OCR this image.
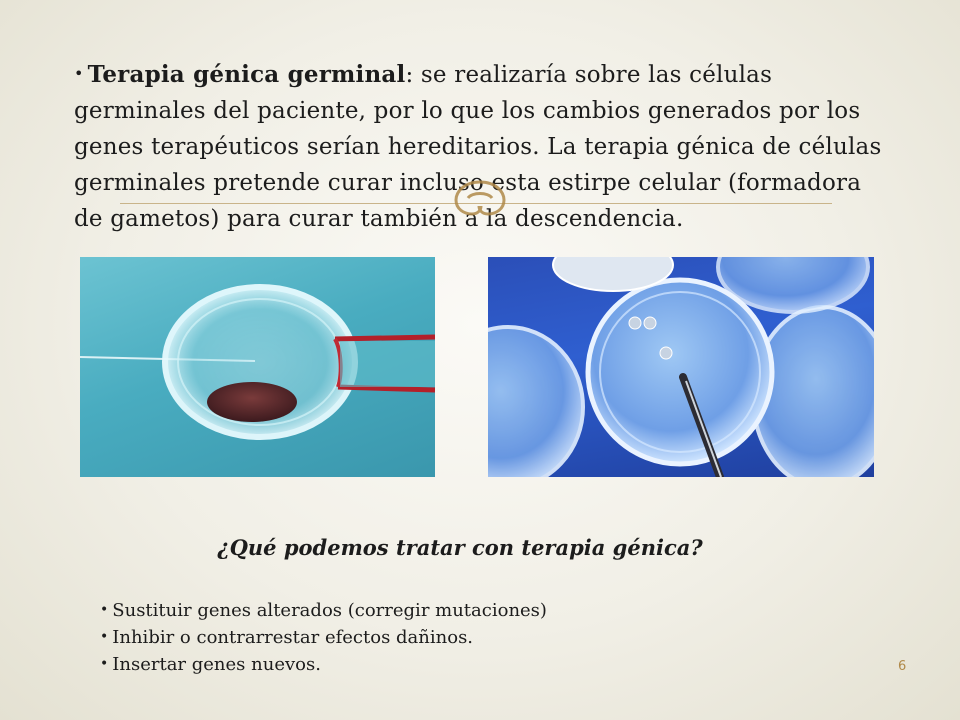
• Terapia génica germinal: se realizaría sobre las células germinales del paciente, por lo que los cambios generados por los genes terapéuticos serían hereditarios. La terapia génica de células germinales pretende curar incluso esta estirpe celular (formadora de gametos) para curar también a la descendencia.

¿Qué podemos tratar con terapia génica?

• Sustituir genes alterados (corregir mutaciones)
• Inhibir o contrarrestar efectos dañinos.
• Insertar genes nuevos.	6
